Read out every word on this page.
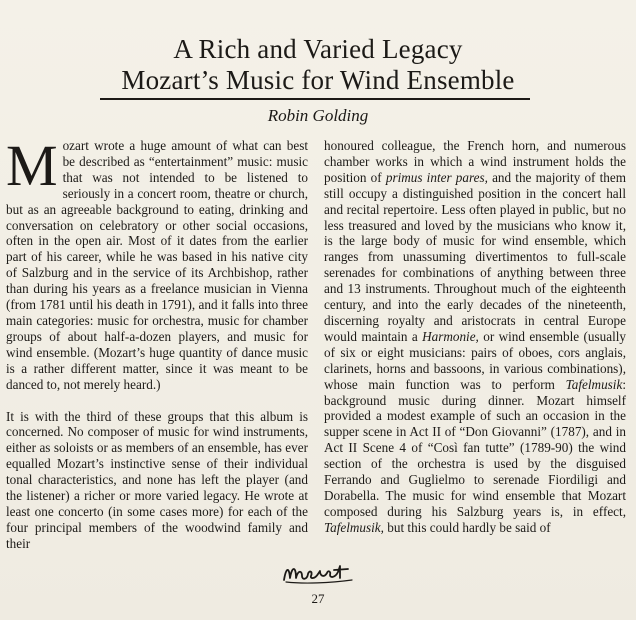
A Rich and Varied Legacy
Mozart’s Music for Wind Ensemble
Robin Golding

Mozart wrote a huge amount of what can best be described as “entertainment” music: music that was not intended to be listened to seriously in a concert room, theatre or church, but as an agreeable background to eating, drinking and conversation on celebratory or other social occasions, often in the open air. Most of it dates from the earlier part of his career, while he was based in his native city of Salzburg and in the service of its Archbishop, rather than during his years as a freelance musician in Vienna (from 1781 until his death in 1791), and it falls into three main categories: music for orchestra, music for chamber groups of about half-a-dozen players, and music for wind ensemble. (Mozart’s huge quantity of dance music is a rather different matter, since it was meant to be danced to, not merely heard.)

It is with the third of these groups that this album is concerned. No composer of music for wind instruments, either as soloists or as members of an ensemble, has ever equalled Mozart’s instinctive sense of their individual tonal characteristics, and none has left the player (and the listener) a richer or more varied legacy. He wrote at least one concerto (in some cases more) for each of the four principal members of the woodwind family and their

honoured colleague, the French horn, and numerous chamber works in which a wind instrument holds the position of primus inter pares, and the majority of them still occupy a distinguished position in the concert hall and recital repertoire. Less often played in public, but no less treasured and loved by the musicians who know it, is the large body of music for wind ensemble, which ranges from unassuming divertimentos to full-scale serenades for combinations of anything between three and 13 instruments. Throughout much of the eighteenth century, and into the early decades of the nineteenth, discerning royalty and aristocrats in central Europe would maintain a Harmonie, or wind ensemble (usually of six or eight musicians: pairs of oboes, cors anglais, clarinets, horns and bassoons, in various combinations), whose main function was to perform Tafelmusik: background music during dinner. Mozart himself provided a modest example of such an occasion in the supper scene in Act II of “Don Giovanni” (1787), and in Act II Scene 4 of “Così fan tutte” (1789-90) the wind section of the orchestra is used by the disguised Ferrando and Guglielmo to serenade Fiordiligi and Dorabella. The music for wind ensemble that Mozart composed during his Salzburg years is, in effect, Tafelmusik, but this could hardly be said of

27
